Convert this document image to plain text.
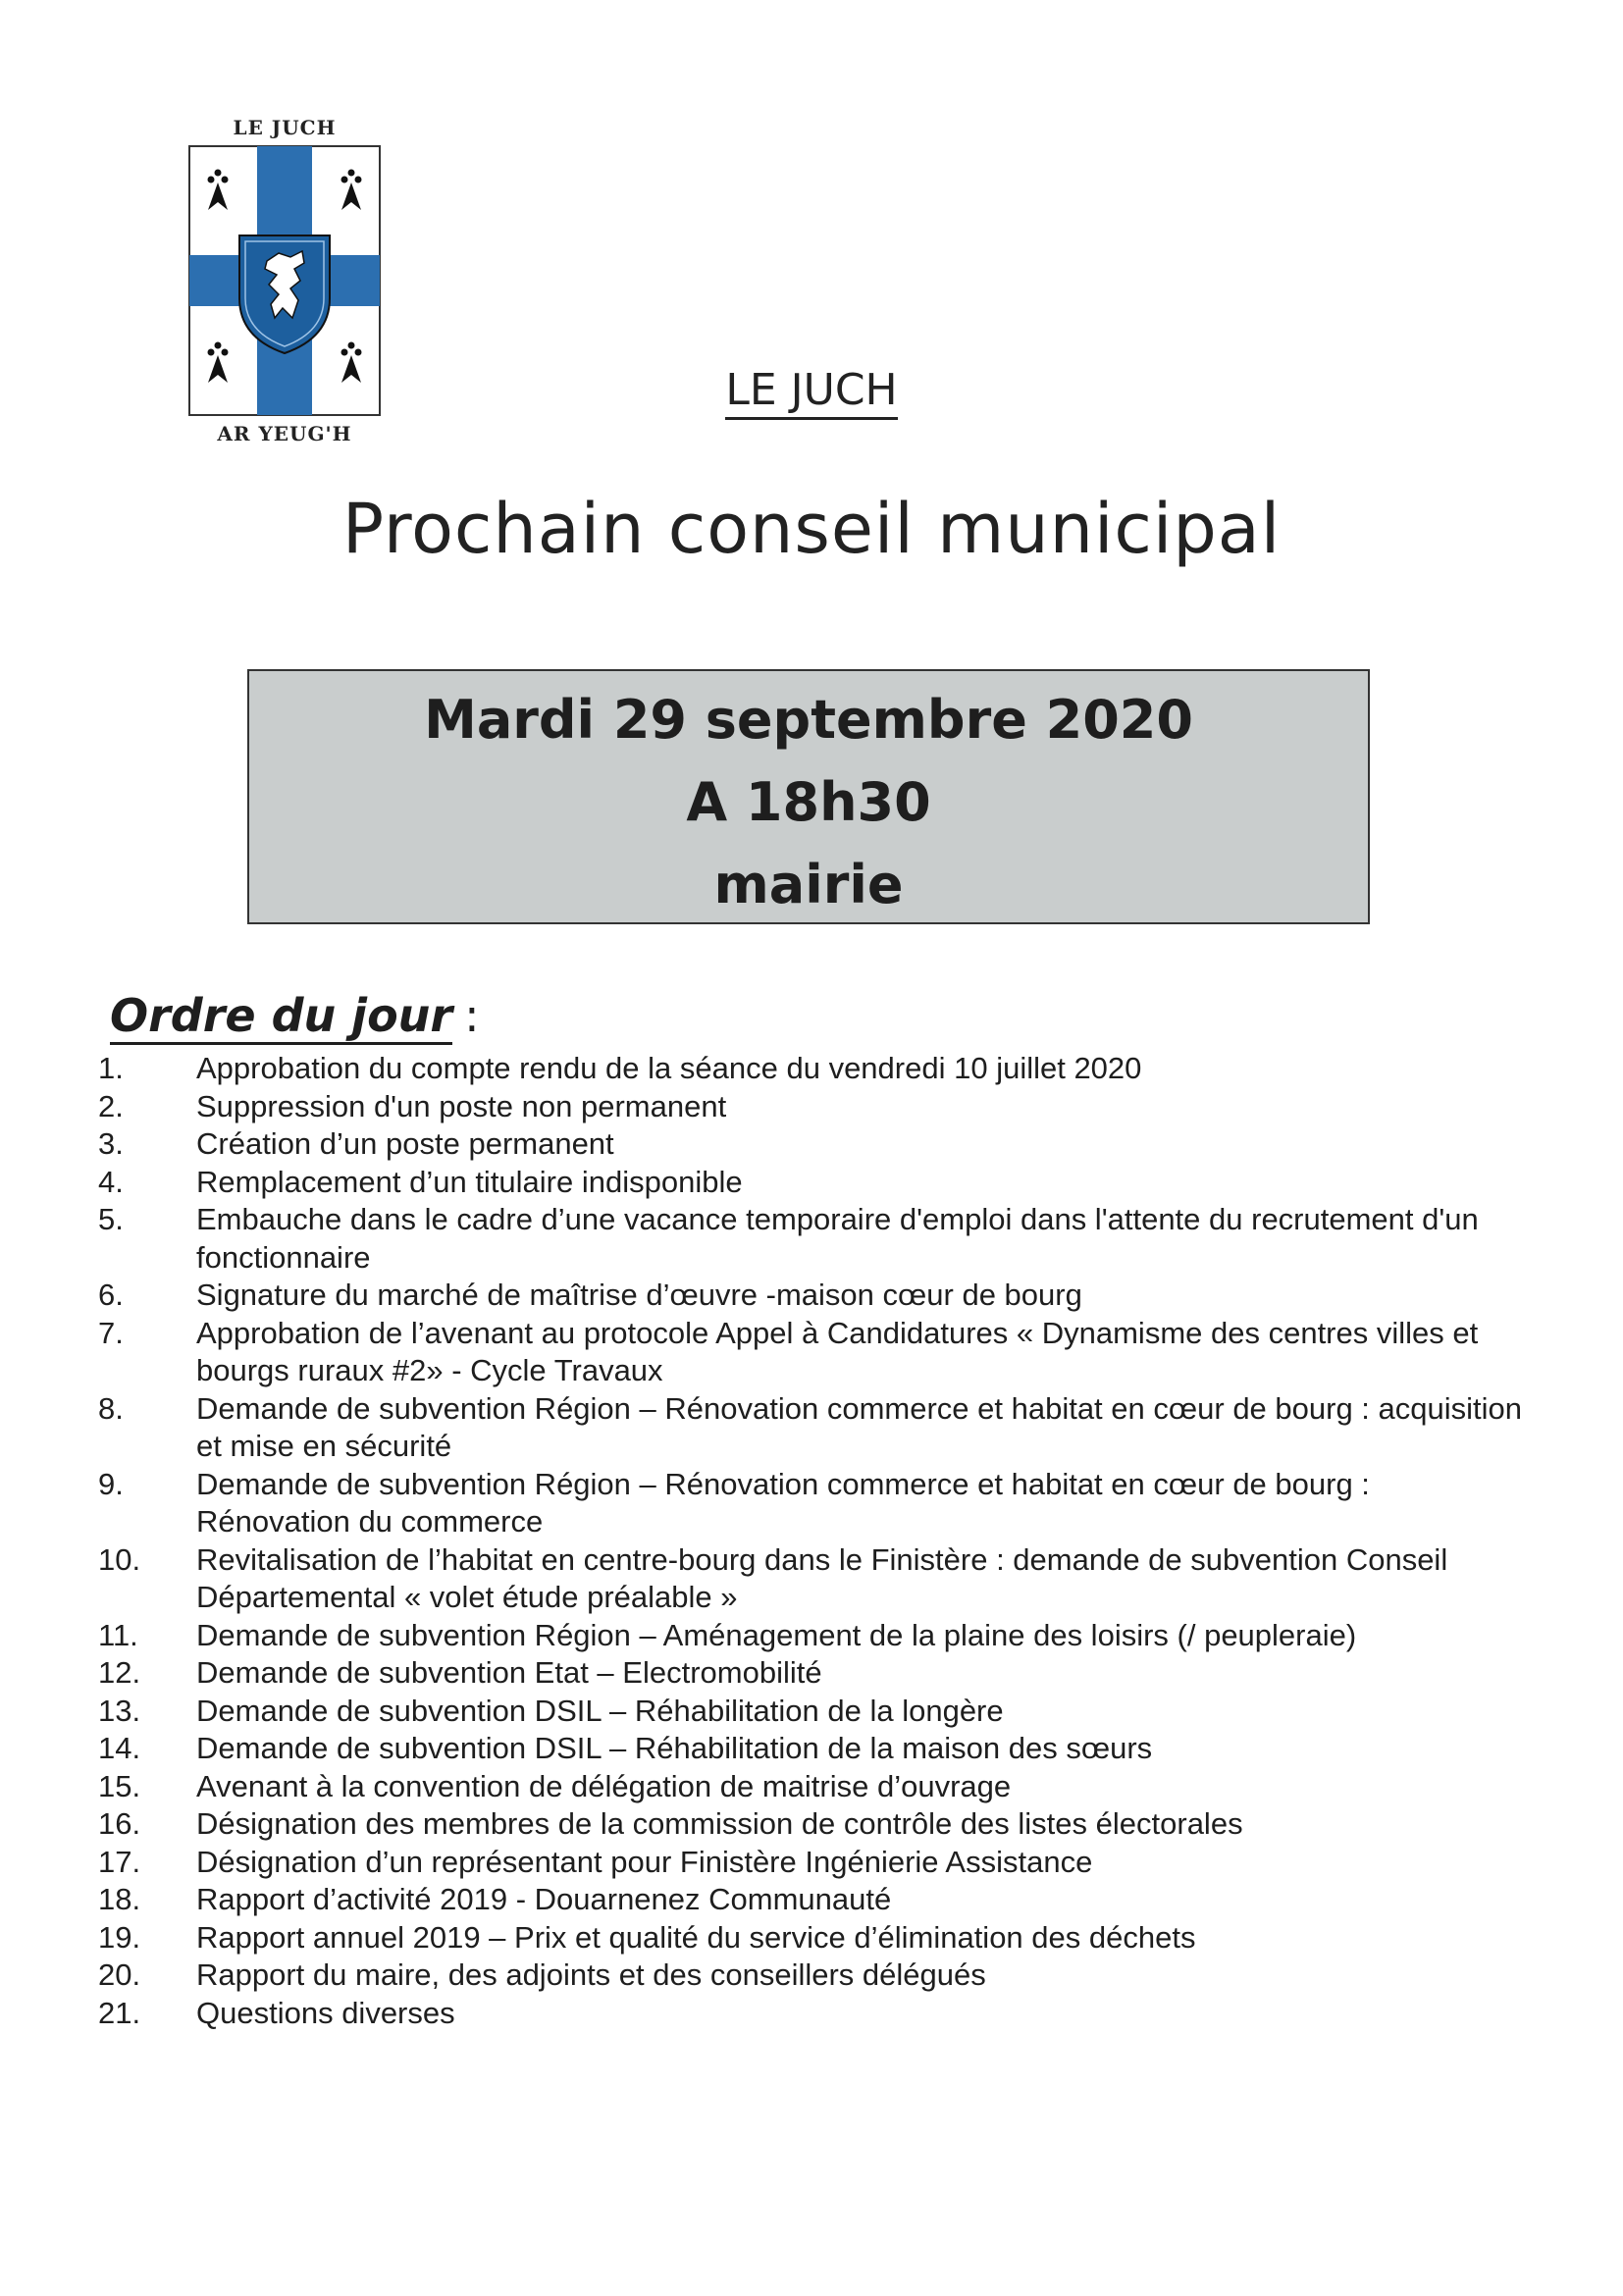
LE JUCH
AR YEUG'H
LE JUCH
Prochain conseil municipal
Mardi 29 septembre 2020
A 18h30
mairie
Ordre du jour :
1.	Approbation du compte rendu de la séance du vendredi 10 juillet 2020
2.	Suppression d'un poste non permanent
3.	Création d’un poste permanent
4.	Remplacement d’un titulaire indisponible
5.	Embauche dans le cadre d’une vacance temporaire d'emploi dans l'attente du recrutement d'un fonctionnaire
6.	Signature du marché de maîtrise d’œuvre -maison cœur de bourg
7.	Approbation de l’avenant au protocole Appel à Candidatures « Dynamisme des centres villes et bourgs ruraux #2» - Cycle Travaux
8.	Demande de subvention Région – Rénovation commerce et habitat en cœur de bourg : acquisition et mise en sécurité
9.	Demande de subvention Région – Rénovation commerce et habitat en cœur de bourg : Rénovation du commerce
10.	Revitalisation de l’habitat en centre-bourg dans le Finistère : demande de subvention Conseil Départemental « volet étude préalable »
11.	Demande de subvention Région – Aménagement de la plaine des loisirs (/ peupleraie)
12.	Demande de subvention Etat – Electromobilité
13.	Demande de subvention DSIL – Réhabilitation de la longère
14.	Demande de subvention DSIL – Réhabilitation de la maison des sœurs
15.	Avenant à la convention de délégation de maitrise d’ouvrage
16.	Désignation des membres de la commission de contrôle des listes électorales
17.	Désignation d’un représentant pour Finistère Ingénierie Assistance
18.	Rapport d’activité 2019 - Douarnenez Communauté
19.	Rapport annuel 2019 – Prix et qualité du service d’élimination des déchets
20.	Rapport du maire, des adjoints et des conseillers délégués
21.	Questions diverses
